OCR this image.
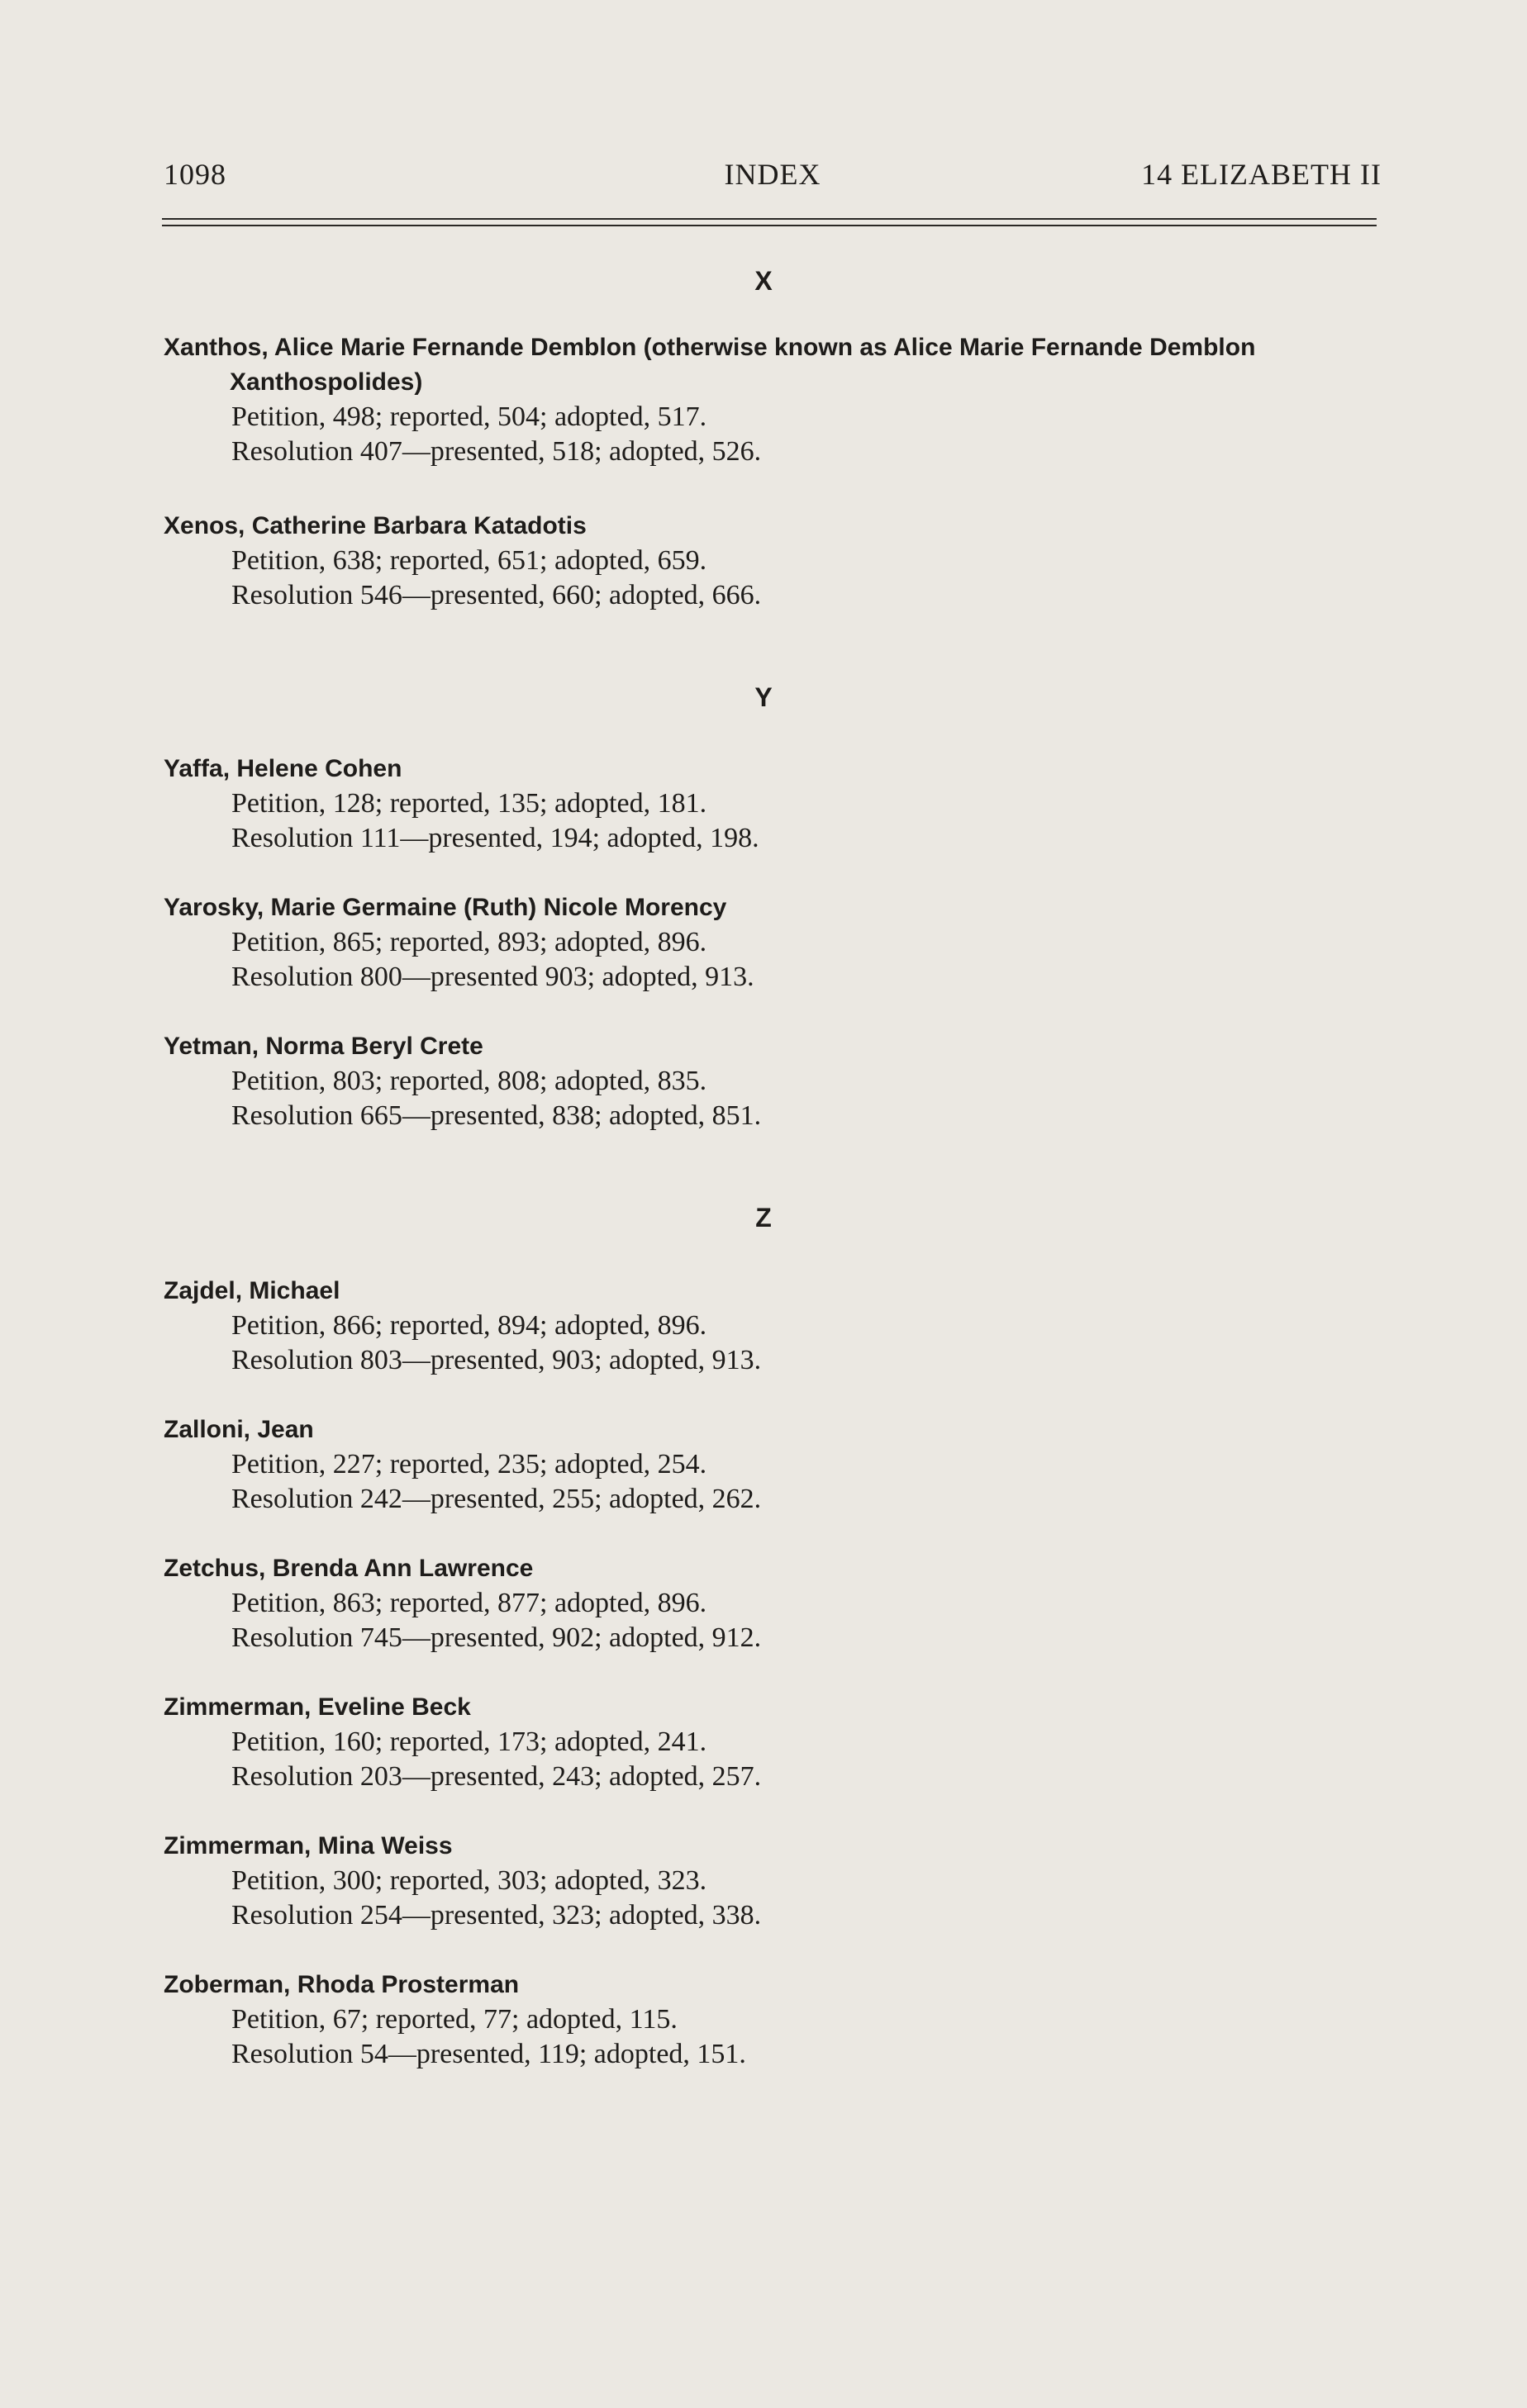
1098	INDEX	14 ELIZABETH II
X
Xanthos, Alice Marie Fernande Demblon (otherwise known as Alice Marie Fernande Demblon Xanthospolides)
Petition, 498; reported, 504; adopted, 517.
Resolution 407—presented, 518; adopted, 526.
Xenos, Catherine Barbara Katadotis
Petition, 638; reported, 651; adopted, 659.
Resolution 546—presented, 660; adopted, 666.
Y
Yaffa, Helene Cohen
Petition, 128; reported, 135; adopted, 181.
Resolution 111—presented, 194; adopted, 198.
Yarosky, Marie Germaine (Ruth) Nicole Morency
Petition, 865; reported, 893; adopted, 896.
Resolution 800—presented 903; adopted, 913.
Yetman, Norma Beryl Crete
Petition, 803; reported, 808; adopted, 835.
Resolution 665—presented, 838; adopted, 851.
Z
Zajdel, Michael
Petition, 866; reported, 894; adopted, 896.
Resolution 803—presented, 903; adopted, 913.
Zalloni, Jean
Petition, 227; reported, 235; adopted, 254.
Resolution 242—presented, 255; adopted, 262.
Zetchus, Brenda Ann Lawrence
Petition, 863; reported, 877; adopted, 896.
Resolution 745—presented, 902; adopted, 912.
Zimmerman, Eveline Beck
Petition, 160; reported, 173; adopted, 241.
Resolution 203—presented, 243; adopted, 257.
Zimmerman, Mina Weiss
Petition, 300; reported, 303; adopted, 323.
Resolution 254—presented, 323; adopted, 338.
Zoberman, Rhoda Prosterman
Petition, 67; reported, 77; adopted, 115.
Resolution 54—presented, 119; adopted, 151.
